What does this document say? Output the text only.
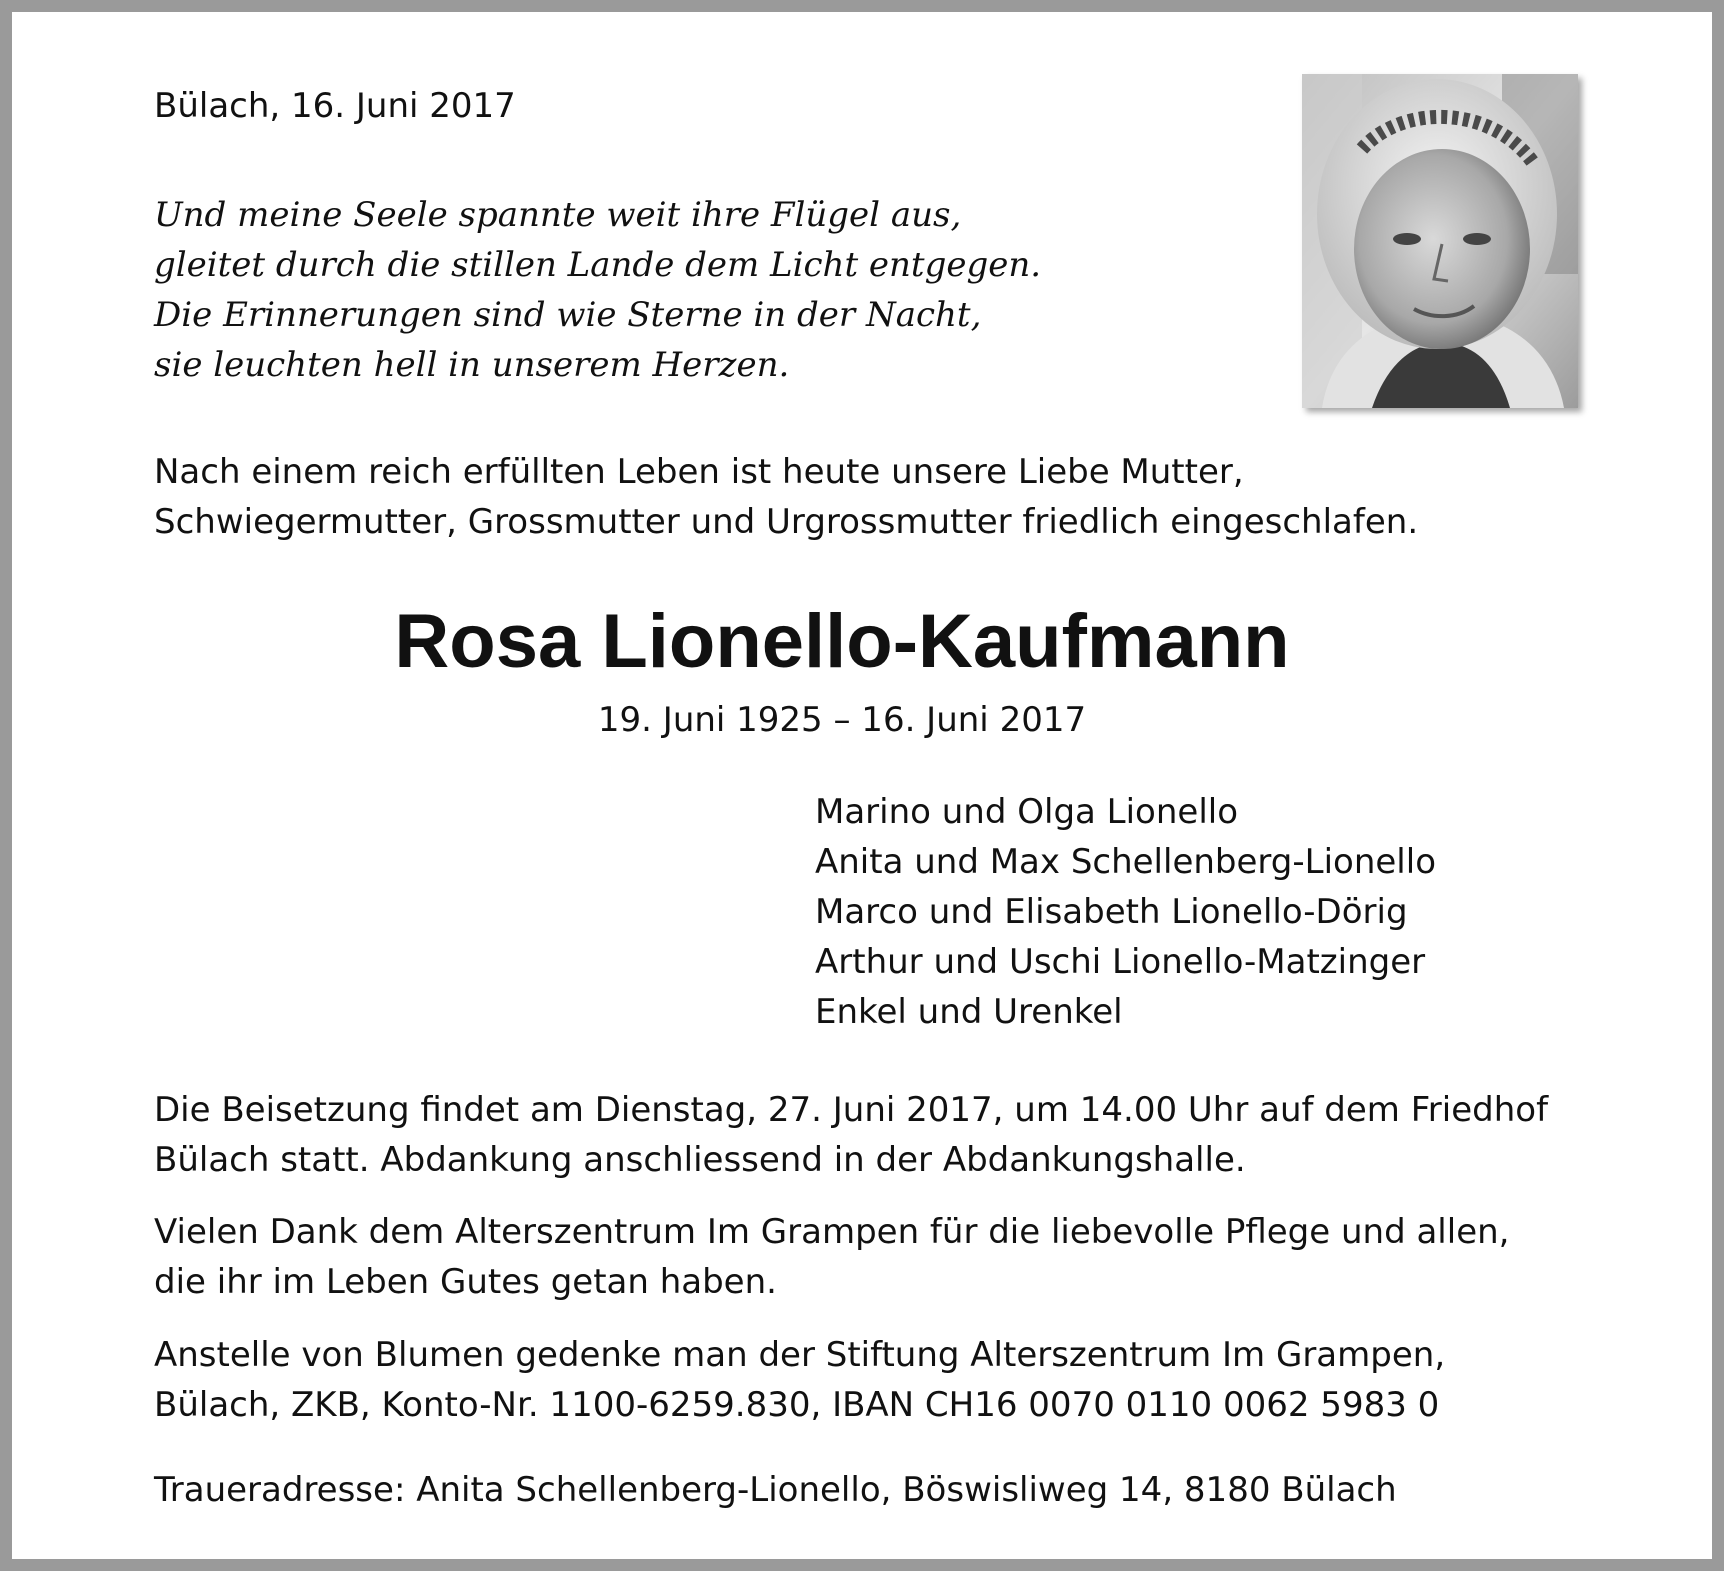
Bülach, 16. Juni 2017

Und meine Seele spannte weit ihre Flügel aus,
gleitet durch die stillen Lande dem Licht entgegen.
Die Erinnerungen sind wie Sterne in der Nacht,
sie leuchten hell in unserem Herzen.
Nach einem reich erfüllten Leben ist heute unsere Liebe Mutter,
Schwiegermutter, Grossmutter und Urgrossmutter friedlich eingeschlafen.
Rosa Lionello-Kaufmann

19. Juni 1925 – 16. Juni 2017

Marino und Olga Lionello
Anita und Max Schellenberg-Lionello
Marco und Elisabeth Lionello-Dörig
Arthur und Uschi Lionello-Matzinger
Enkel und Urenkel
Die Beisetzung findet am Dienstag, 27. Juni 2017, um 14.00 Uhr auf dem Friedhof
Bülach statt. Abdankung anschliessend in der Abdankungshalle.
Vielen Dank dem Alterszentrum Im Grampen für die liebevolle Pflege und allen,
die ihr im Leben Gutes getan haben.
Anstelle von Blumen gedenke man der Stiftung Alterszentrum Im Grampen,
Bülach, ZKB, Konto-Nr. 1100-6259.830, IBAN CH16 0070 0110 0062 5983 0
Traueradresse: Anita Schellenberg-Lionello, Böswisliweg 14, 8180 Bülach
